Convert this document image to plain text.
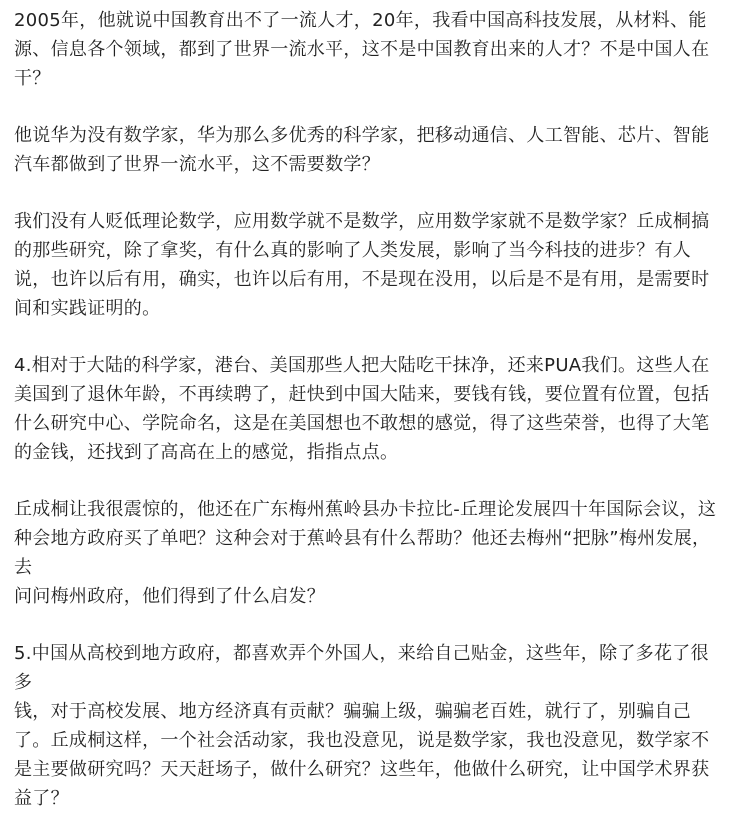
2005年，他就说中国教育出不了一流人才，20年，我看中国高科技发展，从材料、能
源、信息各个领域，都到了世界一流水平，这不是中国教育出来的人才？不是中国人在
干？

他说华为没有数学家，华为那么多优秀的科学家，把移动通信、人工智能、芯片、智能
汽车都做到了世界一流水平，这不需要数学？

我们没有人贬低理论数学，应用数学就不是数学，应用数学家就不是数学家？丘成桐搞
的那些研究，除了拿奖，有什么真的影响了人类发展，影响了当今科技的进步？有人
说，也许以后有用，确实，也许以后有用，不是现在没用，以后是不是有用，是需要时
间和实践证明的。

4.相对于大陆的科学家，港台、美国那些人把大陆吃干抹净，还来PUA我们。这些人在
美国到了退休年龄，不再续聘了，赶快到中国大陆来，要钱有钱，要位置有位置，包括
什么研究中心、学院命名，这是在美国想也不敢想的感觉，得了这些荣誉，也得了大笔
的金钱，还找到了高高在上的感觉，指指点点。

丘成桐让我很震惊的，他还在广东梅州蕉岭县办卡拉比-丘理论发展四十年国际会议，这
种会地方政府买了单吧？这种会对于蕉岭县有什么帮助？他还去梅州“把脉”梅州发展，去
问问梅州政府，他们得到了什么启发？

5.中国从高校到地方政府，都喜欢弄个外国人，来给自己贴金，这些年，除了多花了很多
钱，对于高校发展、地方经济真有贡献？骗骗上级，骗骗老百姓，就行了，别骗自己
了。丘成桐这样，一个社会活动家，我也没意见，说是数学家，我也没意见，数学家不
是主要做研究吗？天天赶场子，做什么研究？这些年，他做什么研究，让中国学术界获
益了？
